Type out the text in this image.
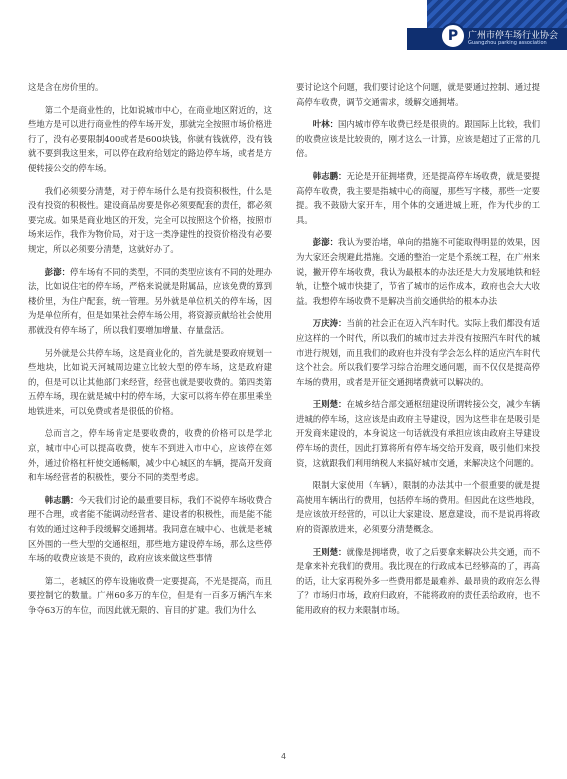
P	广州市停车场行业协会
Guangzhou parking association

这是含在房价里的。

第二个是商业性的，比如说城市中心，在商业地区附近的，这些地方是可以进行商业性的停车场开发，那就完全按照市场价格进行了，没有必要限制400或者是600块钱，你就有钱就停，没有钱就不要到我这里来，可以停在政府给划定的路边停车场，或者是方便转接公交的停车场。

我们必须要分清楚，对于停车场什么是有投资积极性，什么是没有投资的积极性。建设商品房要是你必须要配套的责任，都必须要完成。如果是商业地区的开发，完全可以按照这个价格，按照市场来运作，我作为物价局，对于这一类净建性的投资价格没有必要规定，所以必须要分清楚，这就好办了。

彭澎：停车场有不同的类型，不同的类型应该有不同的处理办法，比如说住宅的停车场，严格来说就是附属品，应该免费的算到楼价里，为住户配套，统一管理。另外就是单位机关的停车场，因为是单位所有，但是如果社会停车场公用，将资源贡献给社会使用那就没有停车场了，所以我们要增加增量、存量盘活。

另外就是公共停车场，这是商业化的，首先就是要政府规划一些地块，比如说天河城周边建立比较大型的停车场，这是政府建的，但是可以让其他部门来经营，经营也就是要收费的。第四类第五停车场，现在就是城中村的停车场，大家可以将车停在那里乘坐地铁进来，可以免费或者是很低的价格。

总而言之，停车场肯定是要收费的，收费的价格可以是学北京，城市中心可以提高收费，使车不到进入市中心，应该停在郊外，通过价格杠杆使交通畅顺，减少中心城区的车辆，提高开发商和车场经营者的积极性，要分不同的类型考虑。

韩志鹏：今天我们讨论的最重要目标，我们不说停车场收费合理不合理，或者能不能调动经营者、建设者的积极性，而是能不能有效的通过这种手段缓解交通拥堵。我同意在城中心、也就是老城区外围的一些大型的交通枢纽，那些地方建设停车场，那么这些停车场的收费应该是不贵的，政府应该来做这些事情

第二，老城区的停车设施收费一定要提高，不光是提高，而且要控制它的数量。广州60多万的车位，但是有一百多万辆汽车来争夺63万的车位，而因此就无限的、盲目的扩建。我们为什么

要讨论这个问题，我们要讨论这个问题，就是要通过控制、通过提高停车收费，调节交通需求，缓解交通拥堵。

叶林：国内城市停车收费已经是很贵的。跟国际上比较，我们的收费应该是比较贵的，刚才这么一计算，应该是超过了正常的几倍。

韩志鹏：无论是开征拥堵费，还是提高停车场收费，就是要提高停车收费，我主要是指城中心的商厦，那些写字楼，那些一定要提。我不鼓励大家开车，用个体的交通进城上班，作为代步的工具。

彭澎：我认为要治堵，单向的措施不可能取得明显的效果，因为大家还会规避此措施。交通的整治一定是个系统工程，在广州来说，撇开停车场收费，我认为最根本的办法还是大力发展地铁和轻轨，让整个城市快捷了，节省了城市的运作成本，政府也会大大收益。我想停车场收费不是解决当前交通供给的根本办法

万庆涛：当前的社会正在迈入汽车时代。实际上我们都没有适应这样的一个时代，所以我们的城市过去并没有按照汽车时代的城市进行规划，而且我们的政府也并没有学会怎么样的适应汽车时代这个社会。所以我们要学习综合治理交通问题，而不仅仅是提高停车场的费用，或者是开征交通拥堵费就可以解决的。

王则楚：在城乡结合部交通枢纽建设所谓转接公交，减少车辆进城的停车场，这应该是由政府主导建设，因为这些非在是吸引是开发商来建设的，本身说这一句话就没有承担应该由政府主导建设停车场的责任，因此打算将所有停车场交给开发商，吸引他们来投资，这就跟我们利用纳税人来搞好城市交通，来解决这个问题的。

限制大家使用（车辆），限制的办法其中一个很重要的就是提高使用车辆出行的费用，包括停车场的费用。但因此在这些地段，是应该放开经营的，可以让大家建设、愿意建设，而不是说再将政府的资源放进来，必须要分清楚概念。

王则楚：就像是拥堵费，收了之后要拿来解决公共交通，而不是拿来补充我们的费用。我比现在的行政成本已经够高的了，再高的话，让大家再税外多一些费用都是最难养、最昂贵的政府怎么得了？市场归市场，政府归政府，不能将政府的责任丢给政府，也不能用政府的权力来限制市场。

4
